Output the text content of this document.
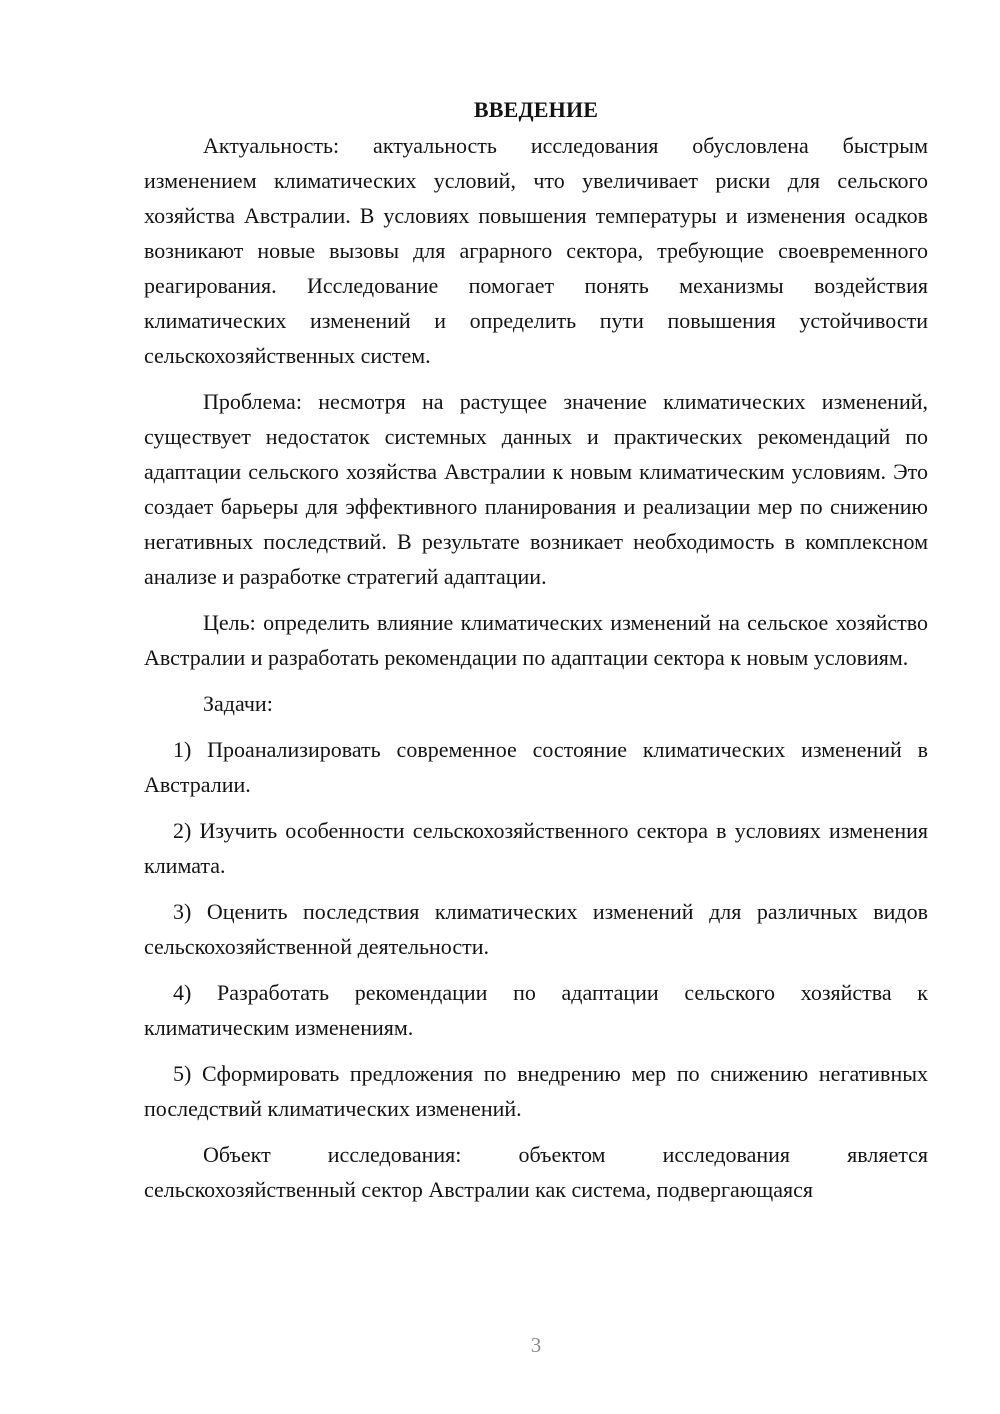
ВВЕДЕНИЕ

Актуальность: актуальность исследования обусловлена быстрым изменением климатических условий, что увеличивает риски для сельского хозяйства Австралии. В условиях повышения температуры и изменения осадков возникают новые вызовы для аграрного сектора, требующие своевременного реагирования. Исследование помогает понять механизмы воздействия климатических изменений и определить пути повышения устойчивости сельскохозяйственных систем.

Проблема: несмотря на растущее значение климатических изменений, существует недостаток системных данных и практических рекомендаций по адаптации сельского хозяйства Австралии к новым климатическим условиям. Это создает барьеры для эффективного планирования и реализации мер по снижению негативных последствий. В результате возникает необходимость в комплексном анализе и разработке стратегий адаптации.

Цель: определить влияние климатических изменений на сельское хозяйство Австралии и разработать рекомендации по адаптации сектора к новым условиям.

Задачи:

1) Проанализировать современное состояние климатических изменений в Австралии.

2) Изучить особенности сельскохозяйственного сектора в условиях изменения климата.

3) Оценить последствия климатических изменений для различных видов сельскохозяйственной деятельности.

4) Разработать рекомендации по адаптации сельского хозяйства к климатическим изменениям.

5) Сформировать предложения по внедрению мер по снижению негативных последствий климатических изменений.

Объект исследования: объектом исследования является сельскохозяйственный сектор Австралии как система, подвергающаяся

3
